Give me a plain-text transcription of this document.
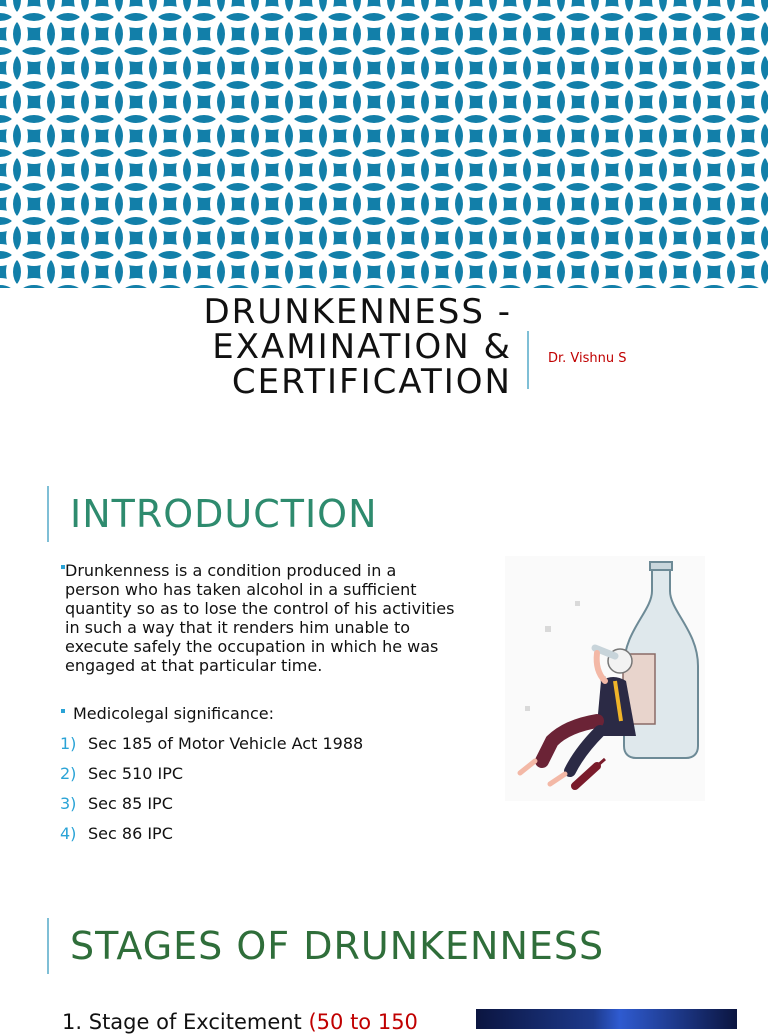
DRUNKENNESS -
EXAMINATION &
CERTIFICATION
Dr. Vishnu S
INTRODUCTION
Drunkenness is a condition produced in a person who has taken alcohol in a sufficient quantity so as to lose the control of his activities in such a way that it renders him unable to execute safely the occupation in which he was engaged at that particular time.
Medicolegal significance:
1) Sec 185 of Motor Vehicle Act 1988
2) Sec 510 IPC
3) Sec 85 IPC
4) Sec 86 IPC
STAGES OF DRUNKENNESS
1. Stage of Excitement (50 to 150
